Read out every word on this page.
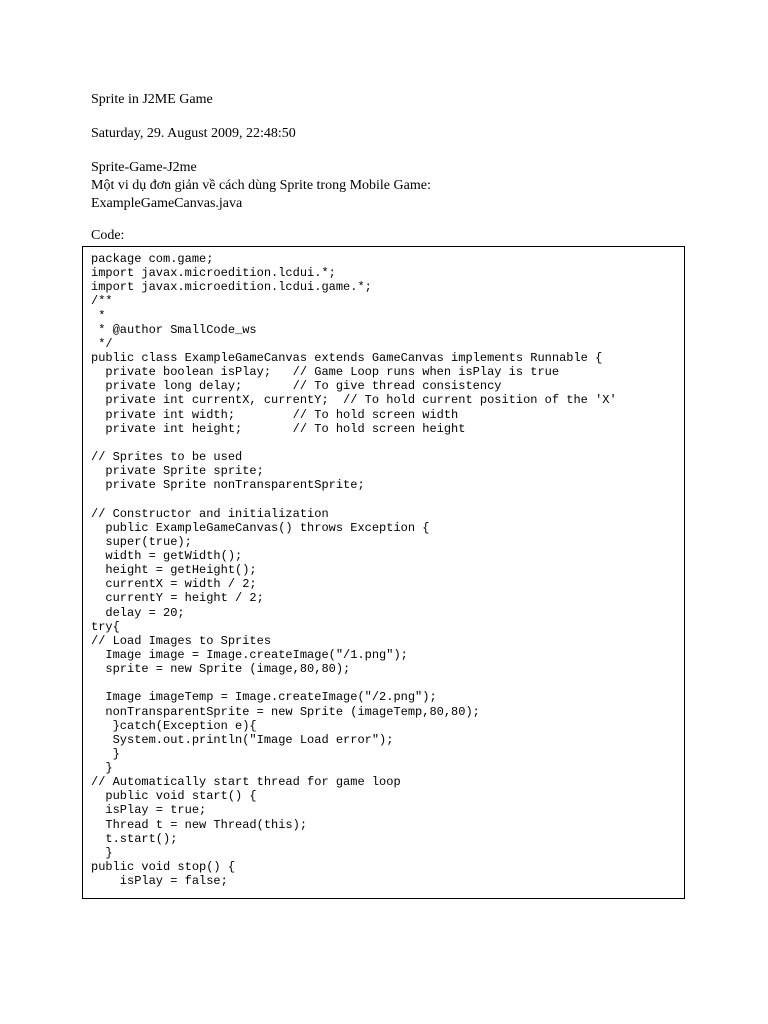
Sprite in J2ME Game
Saturday, 29. August 2009, 22:48:50
Sprite-Game-J2me
Một vi dụ đơn giản về cách dùng Sprite trong Mobile Game:
ExampleGameCanvas.java
Code:
package com.game;
import javax.microedition.lcdui.*;
import javax.microedition.lcdui.game.*;
/**
*
* @author SmallCode_ws
*/
public class ExampleGameCanvas extends GameCanvas implements Runnable {
private boolean isPlay;   // Game Loop runs when isPlay is true
private long delay;       // To give thread consistency
private int currentX, currentY;  // To hold current position of the 'X'
private int width;        // To hold screen width
private int height;       // To hold screen height
// Sprites to be used
private Sprite sprite;
private Sprite nonTransparentSprite;
// Constructor and initialization
public ExampleGameCanvas() throws Exception {
super(true);
width = getWidth();
height = getHeight();
currentX = width / 2;
currentY = height / 2;
delay = 20;
try{
// Load Images to Sprites
Image image = Image.createImage("/1.png");
sprite = new Sprite (image,80,80);
Image imageTemp = Image.createImage("/2.png");
nonTransparentSprite = new Sprite (imageTemp,80,80);
}catch(Exception e){
System.out.println("Image Load error");
}
}
// Automatically start thread for game loop
public void start() {
isPlay = true;
Thread t = new Thread(this);
t.start();
}
public void stop() {
isPlay = false;
